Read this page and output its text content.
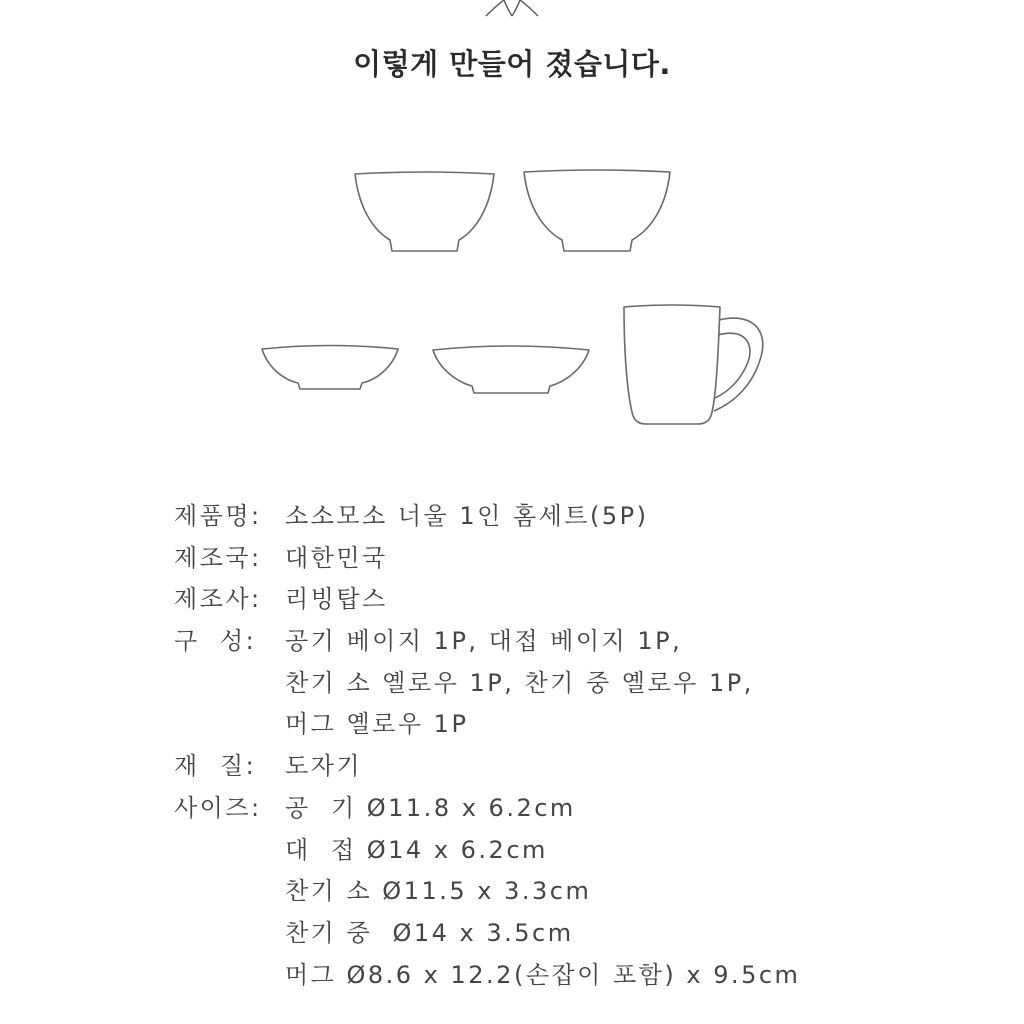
이렇게 만들어 졌습니다.
제품명: 소소모소 너울 1인 홈세트(5P)
제조국: 대한민국
제조사: 리빙탑스
구  성:	공기 베이지 1P, 대접 베이지 1P,
찬기 소 옐로우 1P, 찬기 중 옐로우 1P,
머그 옐로우 1P
재  질:	도자기
사이즈: 공  기 Ø11.8 x 6.2cm
대  접 Ø14 x 6.2cm
찬기 소 Ø11.5 x 3.3cm
찬기 중  Ø14 x 3.5cm
머그 Ø8.6 x 12.2(손잡이 포함) x 9.5cm
